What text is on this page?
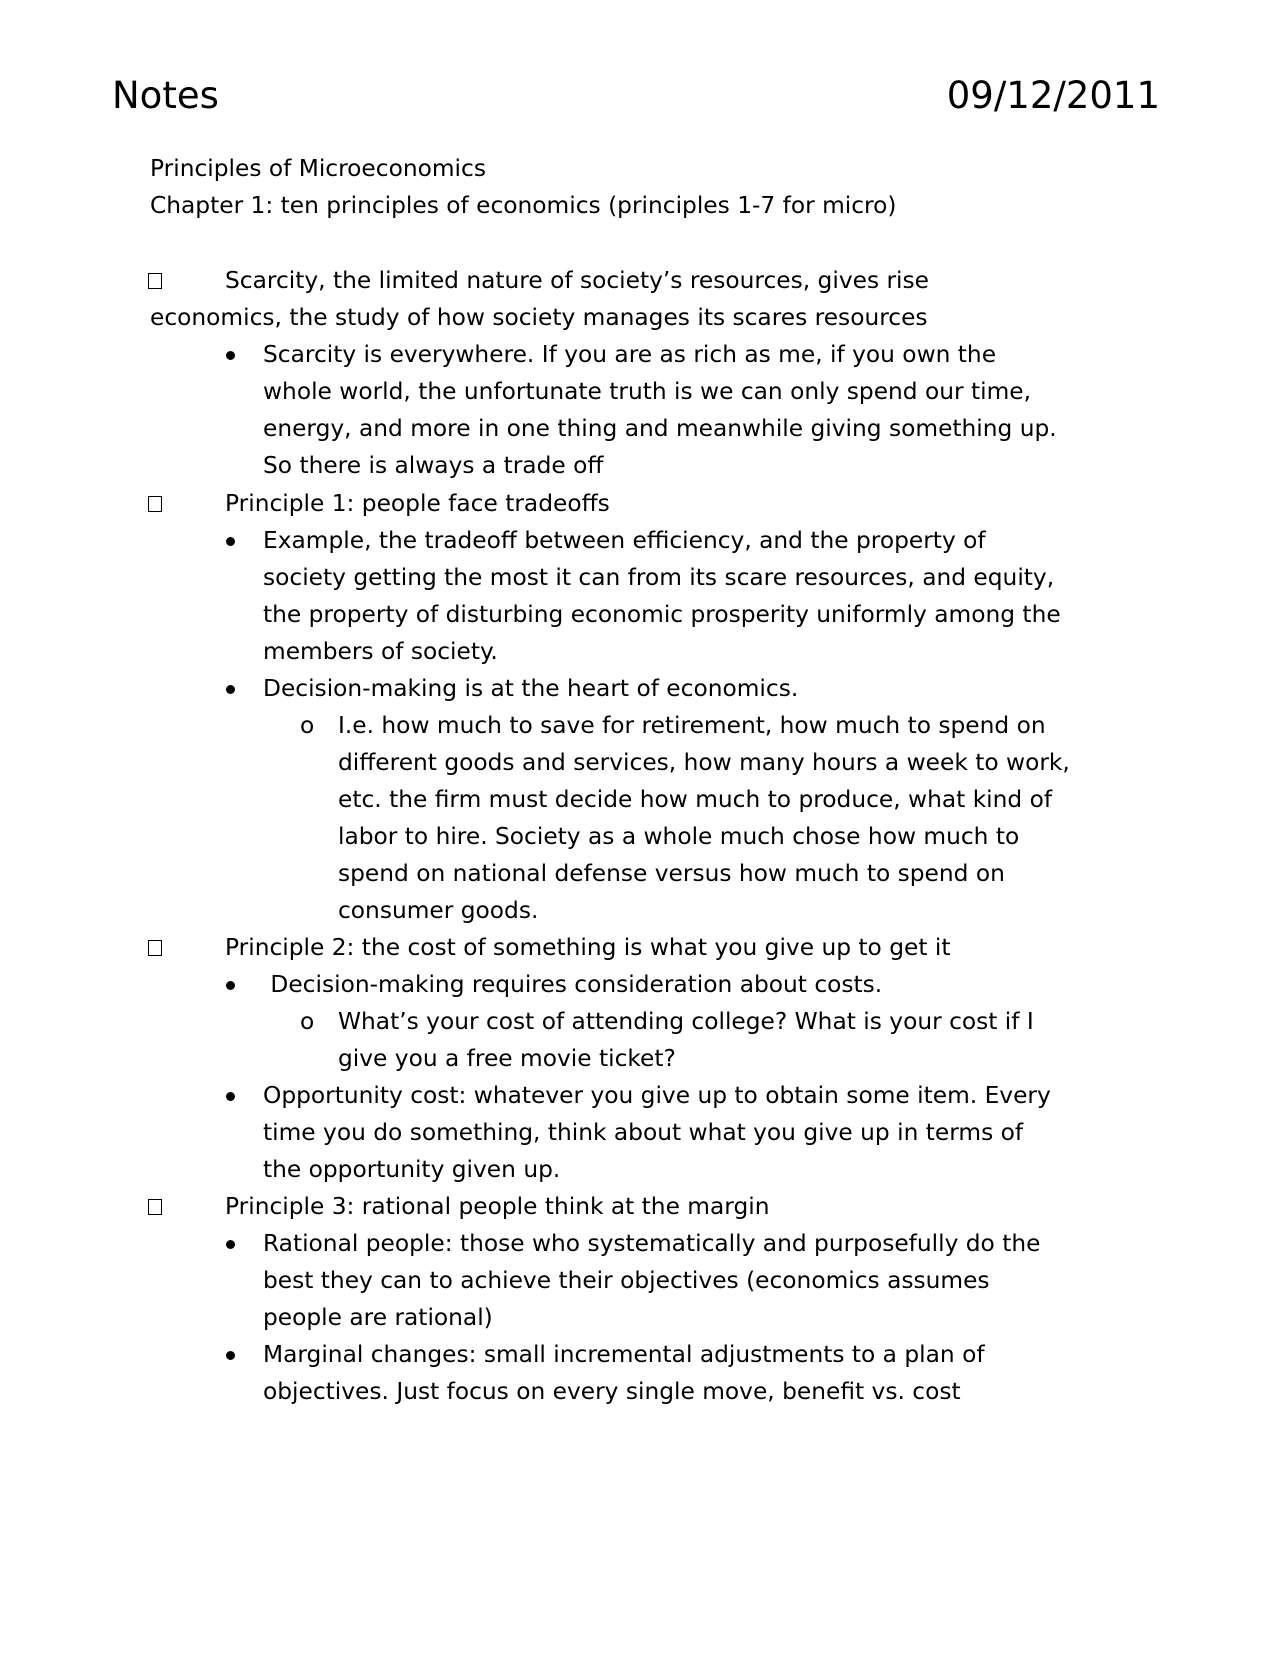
Notes	09/12/2011
Principles of Microeconomics
Chapter 1: ten principles of economics (principles 1-7 for micro)
Scarcity, the limited nature of society’s resources, gives rise
economics, the study of how society manages its scares resources
Scarcity is everywhere. If you are as rich as me, if you own the
whole world, the unfortunate truth is we can only spend our time,
energy, and more in one thing and meanwhile giving something up.
So there is always a trade off
Principle 1: people face tradeoffs
Example, the tradeoff between efficiency, and the property of
society getting the most it can from its scare resources, and equity,
the property of disturbing economic prosperity uniformly among the
members of society.
Decision-making is at the heart of economics.
o I.e. how much to save for retirement, how much to spend on
different goods and services, how many hours a week to work,
etc. the firm must decide how much to produce, what kind of
labor to hire. Society as a whole much chose how much to
spend on national defense versus how much to spend on
consumer goods.
Principle 2: the cost of something is what you give up to get it
Decision-making requires consideration about costs.
o What’s your cost of attending college? What is your cost if I
give you a free movie ticket?
Opportunity cost: whatever you give up to obtain some item. Every
time you do something, think about what you give up in terms of
the opportunity given up.
Principle 3: rational people think at the margin
Rational people: those who systematically and purposefully do the
best they can to achieve their objectives (economics assumes
people are rational)
Marginal changes: small incremental adjustments to a plan of
objectives. Just focus on every single move, benefit vs. cost
